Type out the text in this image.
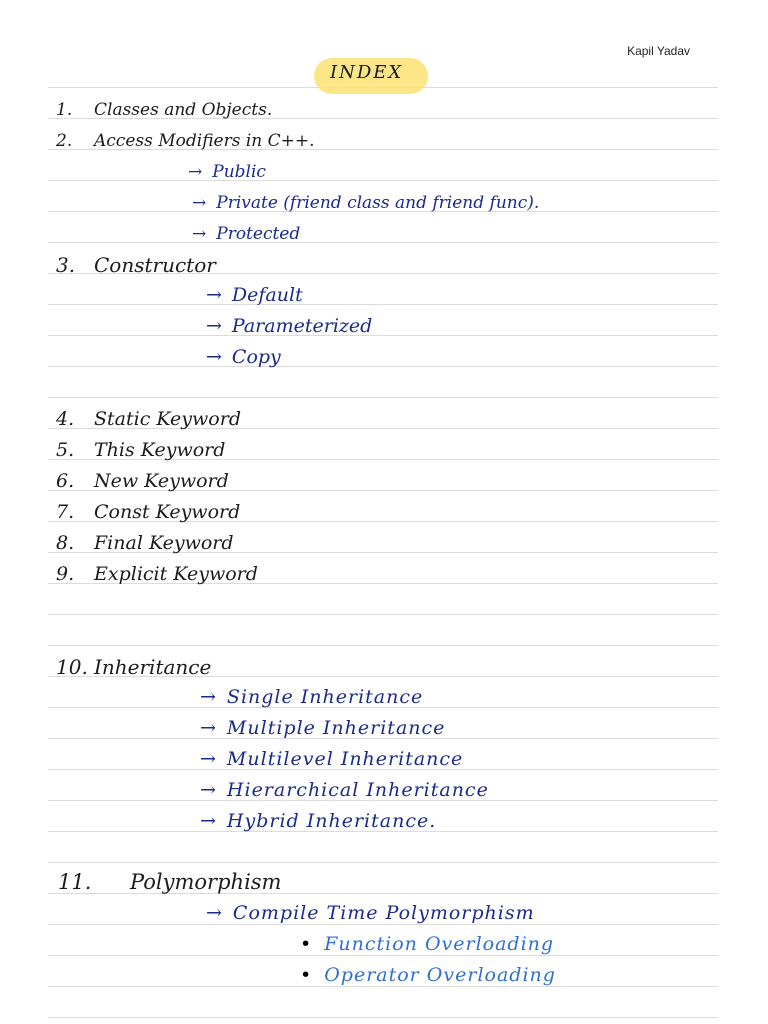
Kapil Yadav
INDEX
1. Classes and Objects.
2. Access Modifiers in C++.
→ Public
→ Private (friend class and friend func).
→ Protected
3. Constructor
→ Default
→ Parameterized
→ Copy
4. Static Keyword
5. This Keyword
6. New Keyword
7. Const Keyword
8. Final Keyword
9. Explicit Keyword
10. Inheritance
→ Single Inheritance
→ Multiple Inheritance
→ Multilevel Inheritance
→ Hierarchical Inheritance
→ Hybrid Inheritance.
11. Polymorphism
→ Compile Time Polymorphism
• Function Overloading
• Operator Overloading
